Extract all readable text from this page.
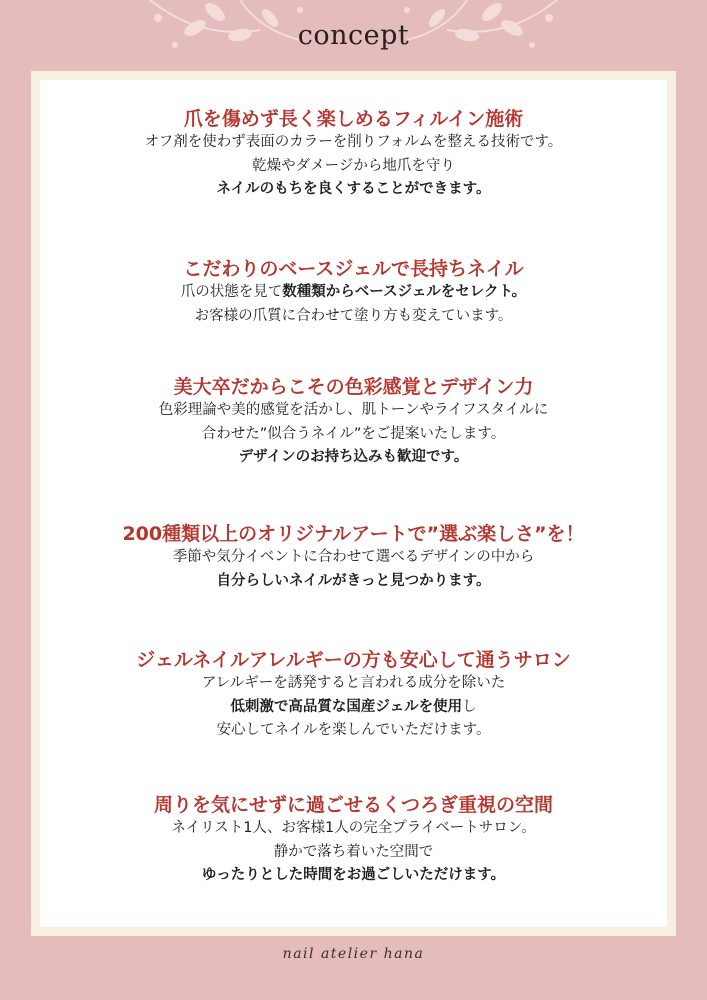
concept
爪を傷めず長く楽しめるフィルイン施術
オフ剤を使わず表面のカラーを削りフォルムを整える技術です。
乾燥やダメージから地爪を守り
ネイルのもちを良くすることができます。
こだわりのベースジェルで長持ちネイル
爪の状態を見て数種類からベースジェルをセレクト。
お客様の爪質に合わせて塗り方も変えています。
美大卒だからこその色彩感覚とデザイン力
色彩理論や美的感覚を活かし、肌トーンやライフスタイルに
合わせた”似合うネイル”をご提案いたします。
デザインのお持ち込みも歓迎です。
200種類以上のオリジナルアートで”選ぶ楽しさ”を！
季節や気分イベントに合わせて選べるデザインの中から
自分らしいネイルがきっと見つかります。
ジェルネイルアレルギーの方も安心して通うサロン
アレルギーを誘発すると言われる成分を除いた
低刺激で高品質な国産ジェルを使用し
安心してネイルを楽しんでいただけます。
周りを気にせずに過ごせるくつろぎ重視の空間
ネイリスト1人、お客様1人の完全プライベートサロン。
静かで落ち着いた空間で
ゆったりとした時間をお過ごしいただけます。
nail atelier hana
